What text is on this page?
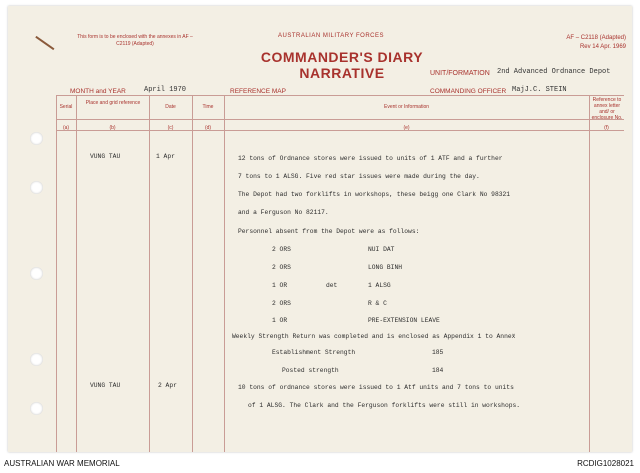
This form is to be enclosed with the annexes in AF – C2119 (Adapted)
AUSTRALIAN MILITARY FORCES
COMMANDER'S DIARY NARRATIVE
AF – C2118 (Adapted)
Rev 14 Apr. 1969
UNIT/FORMATION 2nd Advanced Ordnance Depot
MONTH and YEAR	April 1970	REFERENCE MAP	COMMANDING OFFICER MajJ.C. STEIN
Serial
Place and grid reference
Date	Time	Event or Information
Reference to annex letter and/ or enclosure No.
(a)	(b)	(c)	(d)	(e)	(f)
VUNG TAU	1 Apr	12 tons of Ordnance stores were issued to units of 1 ATF and a further
7 tons to 1 ALSG. Five red star issues were made during the day.
The Depot had two forklifts in workshops, these beigg one Clark No 98321
and a Ferguson No 82117.
Personnel absent from the Depot were as follows:
2 ORS	NUI DAT
2 ORS	LONG BINH
1 OR	det	1 ALSG
2 ORS	R & C
1 OR	PRE-EXTENSION LEAVE
Weekly Strength Return was completed and is enclosed as Appendix 1 to Annex̆
Establishment Strength	185
Posted strength	184
VUNG TAU	2 Apr	10 tons of ordnance stores were issued to 1 Atf units and 7 tons to units
of 1 ALSG. The Clark and the Ferguson forklifts were still in workshops.
AUSTRALIAN WAR MEMORIAL	RCDIG1028021
